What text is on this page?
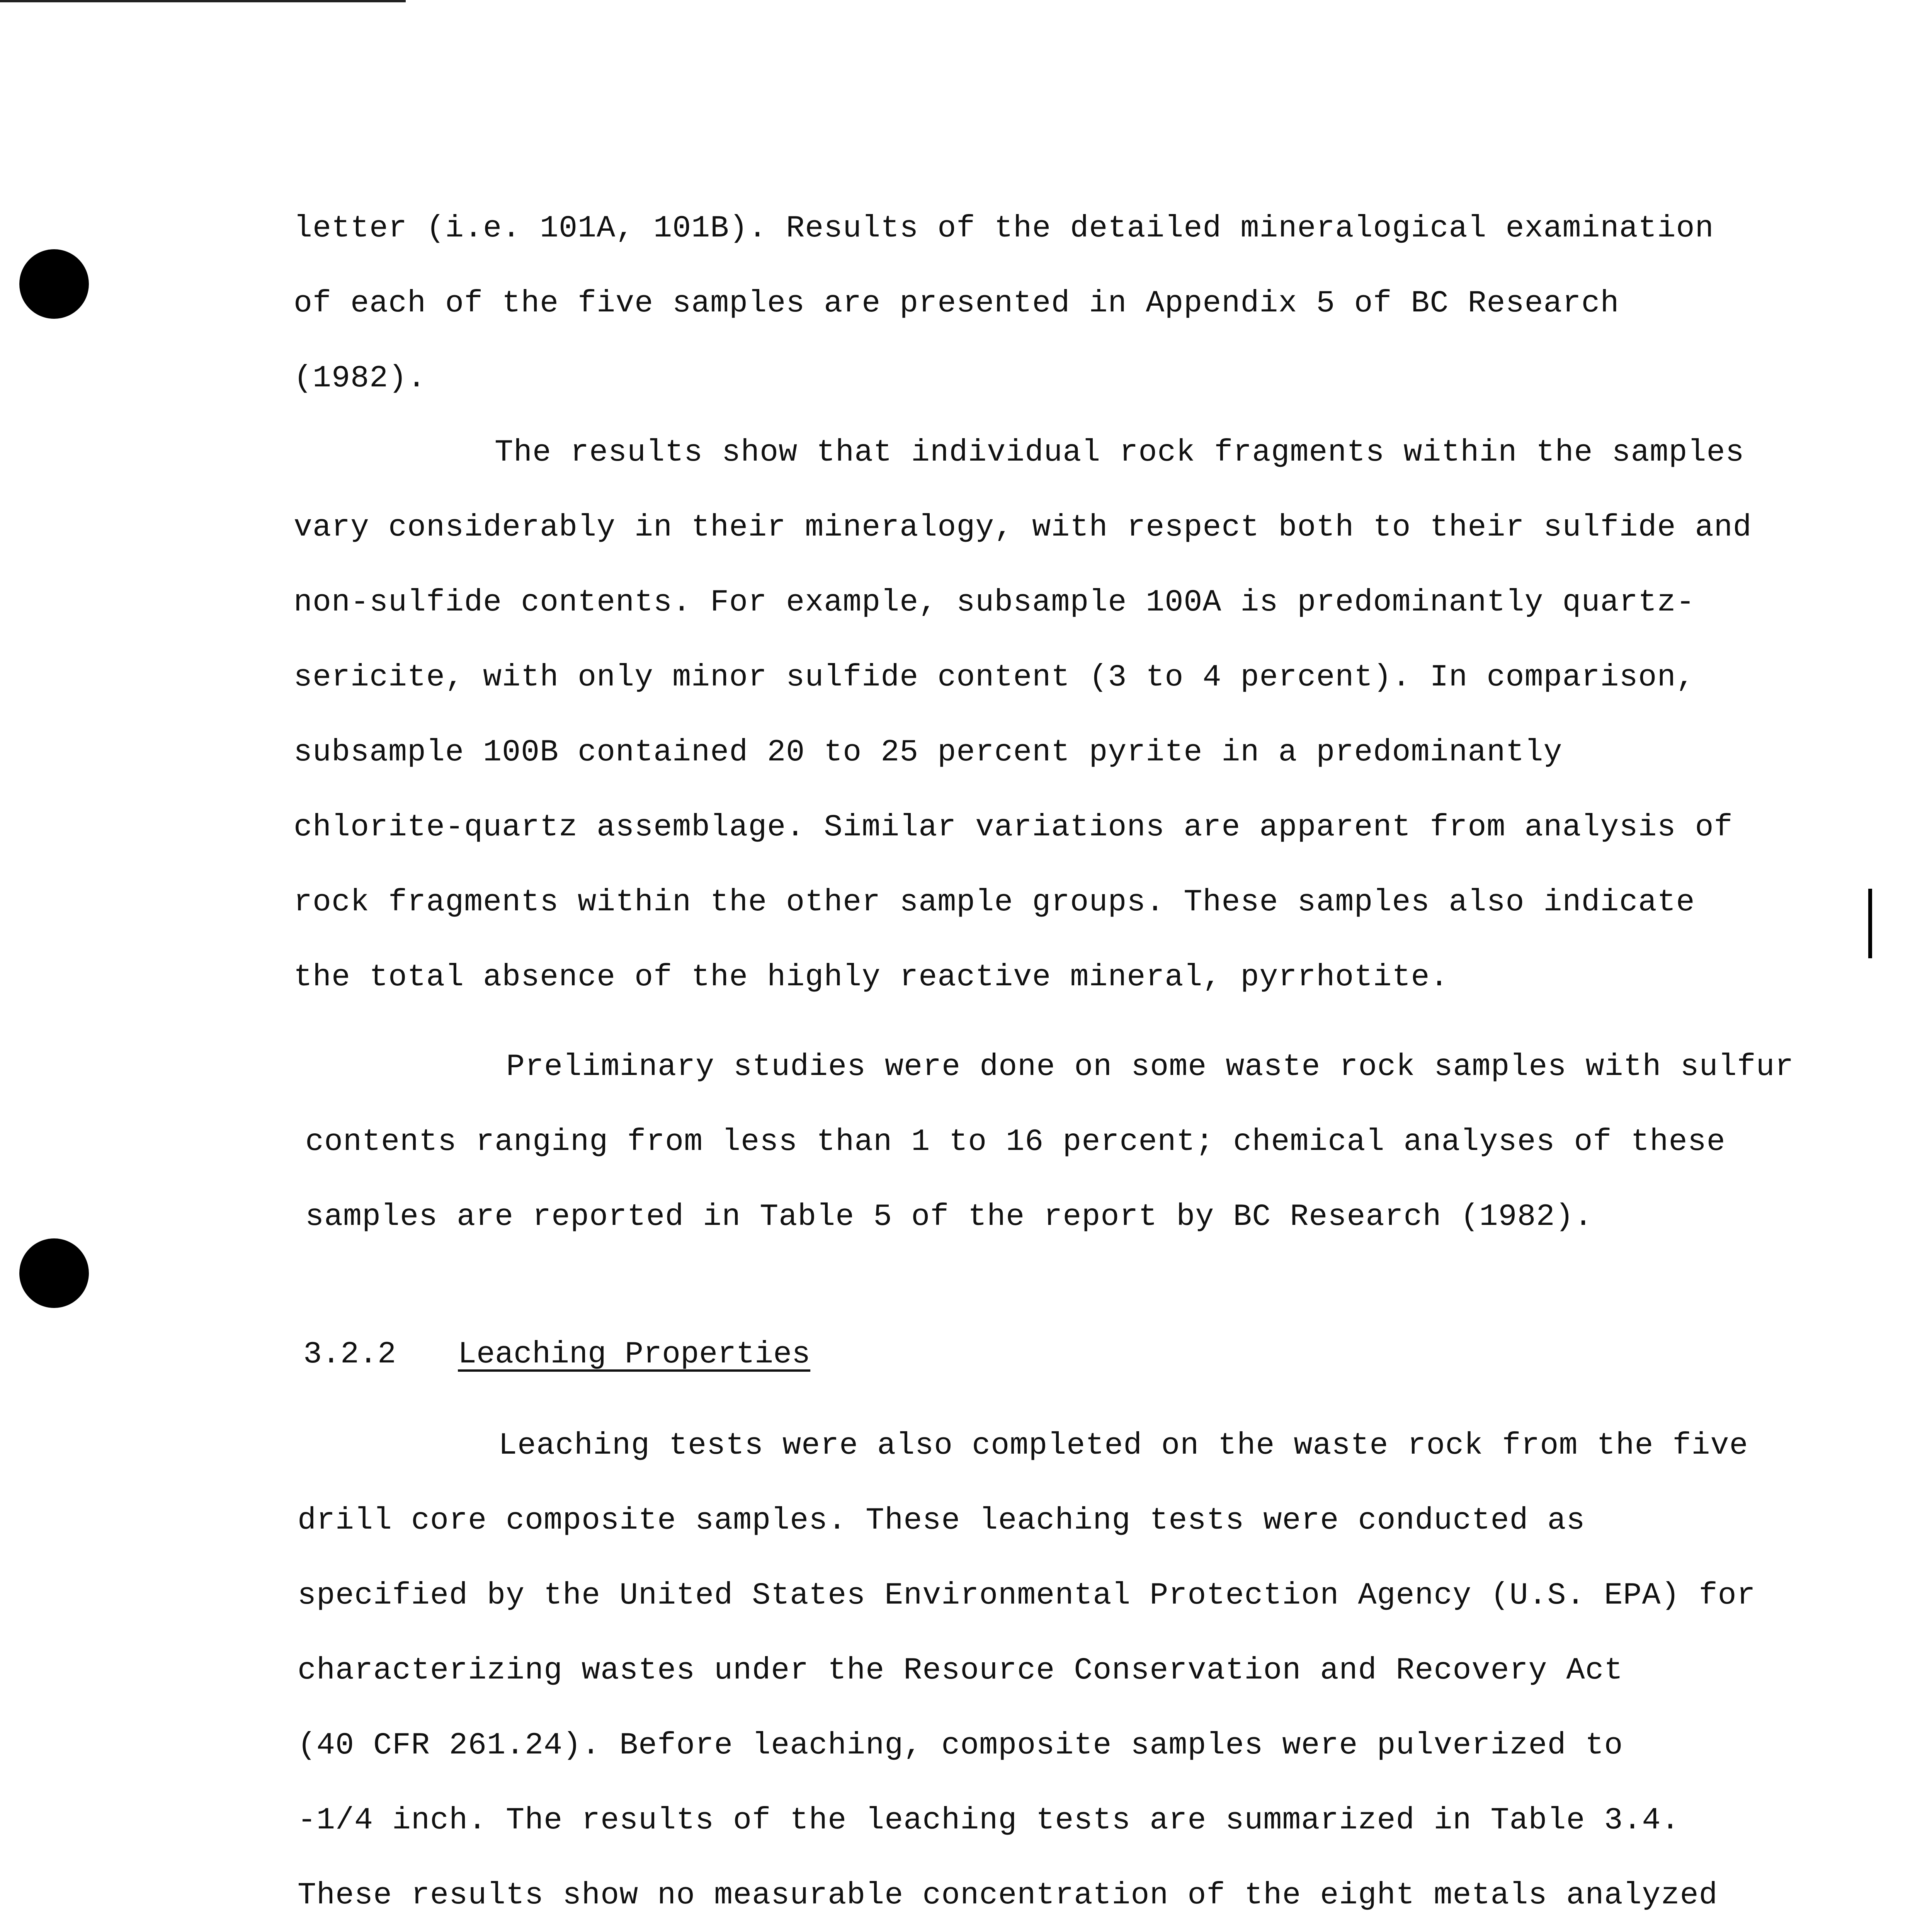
letter (i.e. 101A, 101B). Results of the detailed mineralogical examination
of each of the five samples are presented in Appendix 5 of BC Research
(1982).
The results show that individual rock fragments within the samples
vary considerably in their mineralogy, with respect both to their sulfide and
non-sulfide contents. For example, subsample 100A is predominantly quartz-
sericite, with only minor sulfide content (3 to 4 percent). In comparison,
subsample 100B contained 20 to 25 percent pyrite in a predominantly
chlorite-quartz assemblage. Similar variations are apparent from analysis of
rock fragments within the other sample groups. These samples also indicate
the total absence of the highly reactive mineral, pyrrhotite.
Preliminary studies were done on some waste rock samples with sulfur
contents ranging from less than 1 to 16 percent; chemical analyses of these
samples are reported in Table 5 of the report by BC Research (1982).
3.2.2 Leaching Properties
Leaching tests were also completed on the waste rock from the five
drill core composite samples. These leaching tests were conducted as
specified by the United States Environmental Protection Agency (U.S. EPA) for
characterizing wastes under the Resource Conservation and Recovery Act
(40 CFR 261.24). Before leaching, composite samples were pulverized to
-1/4 inch. The results of the leaching tests are summarized in Table 3.4.
These results show no measurable concentration of the eight metals analyzed
